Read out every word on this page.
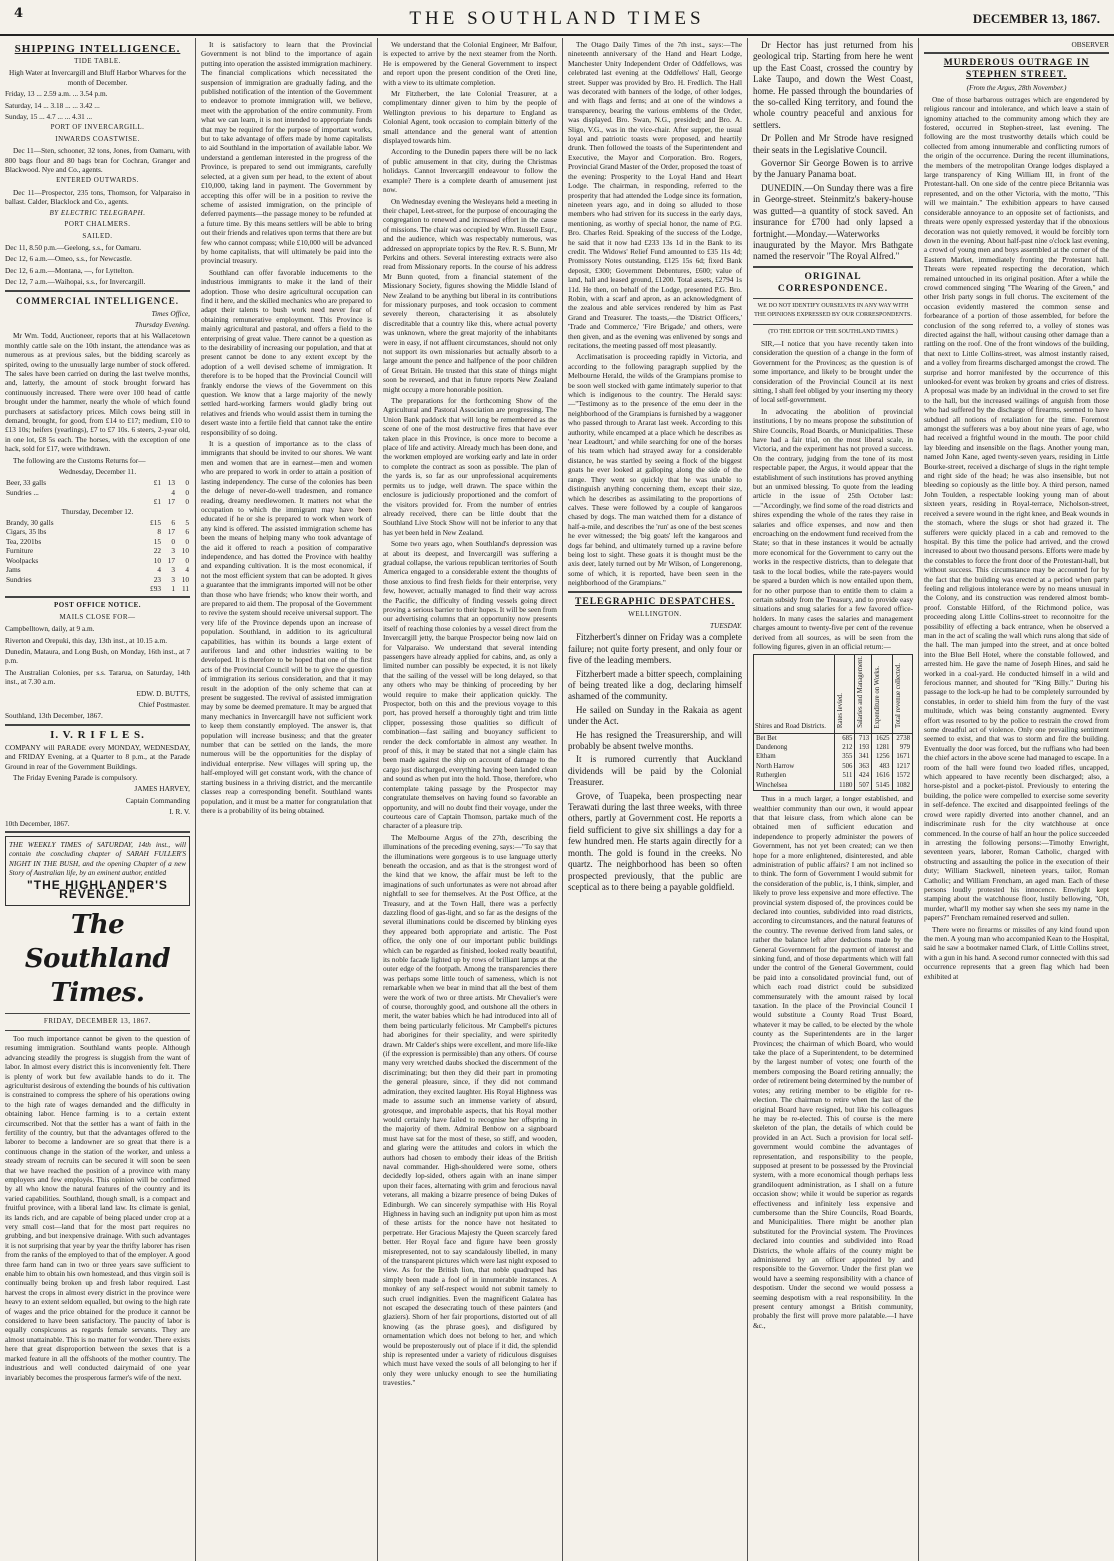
4	THE SOUTHLAND TIMES	DECEMBER 13, 1867.
SHIPPING INTELLIGENCE.
TIDE TABLE.

High Water at Invercargill and Bluff Harbor Wharves for the month of December.

Friday, 13 ... 2.59 a.m. ... 3.54 p.m.

Saturday, 14 ... 3.18 ... ... 3.42 ...

Sunday, 15 ... 4.7 ... ... 4.31 ...

PORT OF INVERCARGILL.
INWARDS COASTWISE.

Dec 11—Sten, schooner, 32 tons, Jones, from Oamaru, with 800 bags flour and 80 bags bran for Cochran, Granger and Blackwood. Nye and Co., agents.

ENTERED OUTWARDS.

Dec 11—Prospector, 235 tons, Thomson, for Valparaiso in ballast. Calder, Blacklock and Co., agents.

BY ELECTRIC TELEGRAPH.
PORT CHALMERS.
SAILED.

Dec 11, 8.50 p.m.—Geelong, s.s., for Oamaru.

Dec 12, 6 a.m.—Omeo, s.s., for Newcastle.

Dec 12, 6 a.m.—Montana, —, for Lyttelton.

Dec 12, 7 a.m.—Waihopai, s.s., for Invercargill.

COMMERCIAL INTELLIGENCE.

Times Office,

Thursday Evening.

Mr Wm. Todd, Auctioneer, reports that at his Wallacetown monthly cattle sale on the 10th instant, the attendance was as numerous as at previous sales, but the bidding scarcely as spirited, owing to the unusually large number of stock offered. The sales have been carried on during the last twelve months, and, latterly, the amount of stock brought forward has continuously increased. There were over 100 head of cattle brought under the hammer, nearly the whole of which found purchasers at satisfactory prices. Milch cows being still in demand, brought, for good, from £14 to £17; medium, £10 to £13 10s; heifers (yearlings), £7 to £7 10s. 6 steers, 2-year old, in one lot, £8 5s each. The horses, with the exception of one hack, sold for £17, were withdrawn.

The following are the Customs Returns for—

Wednesday, December 11.

Beer, 33 galls	£1	13	0
Sundries ...		4	0
	£1	17	0

Thursday, December 12.

Brandy, 30 galls	£15	6	5
Cigars, 35 lbs	8	17	6
Tea, 2201bs	15	0	0
Furniture	22	3	10
Woolpacks	10	17	0
Jams	4	3	4
Sundries	23	3	10
	£93	1	11
POST OFFICE NOTICE.
MAILS CLOSE FOR—

Campbelltown, daily, at 9 a.m.

Riverton and Orepuki, this day, 13th inst., at 10.15 a.m.

Dunedin, Mataura, and Long Bush, on Monday, 16th inst., at 7 p.m.

The Australian Colonies, per s.s. Tararua, on Saturday, 14th inst., at 7.30 a.m.

EDW. D. BUTTS,

Chief Postmaster.

Southland, 13th December, 1867.

I. V. R I F L E S.

COMPANY will PARADE every MONDAY, WEDNESDAY, and FRIDAY Evening, at a Quarter to 8 p.m., at the Parade Ground in rear of the Government Buildings.

The Friday Evening Parade is compulsory.

JAMES HARVEY,

Captain Commanding

I. R. V.

10th December, 1867.

THE WEEKLY TIMES of SATURDAY, 14th inst., will contain the concluding chapter of SARAH FULLER'S NIGHT IN THE BUSH, and the opening Chapter of a new Story of Australian life, by an eminent author, entitled

"THE HIGHLANDER'S REVENGE."
The Southland Times.
FRIDAY, DECEMBER 13, 1867.

Too much importance cannot be given to the question of resuming immigration. Southland wants people. Although advancing steadily the progress is sluggish from the want of labor. In almost every district this is inconveniently felt. There is plenty of work but few available hands to do it. The agriculturist desirous of extending the bounds of his cultivation is constrained to compress the sphere of his operations owing to the high rate of wages demanded and the difficulty in obtaining labor. Hence farming is to a certain extent circumscribed. Not that the settler has a want of faith in the fertility of the country, but that the advantages offered to the laborer to become a landowner are so great that there is a continuous change in the station of the worker, and unless a steady stream of recruits can be secured it will soon be seen that we have reached the position of a province with many employers and few employés. This opinion will be confirmed by all who know the natural features of the country and its varied capabilities. Southland, though small, is a compact and fruitful province, with a liberal land law. Its climate is genial, its lands rich, and are capable of being placed under crop at a very small cost—land that for the most part requires no grubbing, and but inexpensive drainage. With such advantages it is not surprising that year by year the thrifty laborer has risen from the ranks of the employed to that of the employer. A good three farm hand can in two or three years save sufficient to enable him to obtain his own homestead, and thus virgin soil is continually being broken up and fresh labor required. Last harvest the crops in almost every district in the province were heavy to an extent seldom equalled, but owing to the high rate of wages and the price obtained for the produce it cannot be considered to have been satisfactory. The paucity of labor is equally conspicuous as regards female servants. They are almost unattainable. This is no matter for wonder. There exists here that great disproportion between the sexes that is a marked feature in all the offshoots of the mother country. The industrious and well conducted dairymaid of one year invariably becomes the prosperous farmer's wife of the next.

It is satisfactory to learn that the Provincial Government is not blind to the importance of again putting into operation the assisted immigration machinery. The financial complications which necessitated the suspension of immigration are gradually fading, and the published notification of the intention of the Government to endeavor to promote immigration will, we believe, meet with the approbation of the entire community. From what we can learn, it is not intended to appropriate funds that may be required for the purpose of important works, but to take advantage of offers made by home capitalists to aid Southland in the importation of available labor. We understand a gentleman interested in the progress of the Province, is prepared to send out immigrants, carefully selected, at a given sum per head, to the extent of about £10,000, taking land in payment. The Government by accepting this offer will be in a position to revive the scheme of assisted immigration, on the principle of deferred payments—the passage money to be refunded at a future time. By this means settlers will be able to bring out their friends and relatives upon terms that there are but few who cannot compass; while £10,000 will be advanced by home capitalists, that will ultimately be paid into the provincial treasury.

Southland can offer favorable inducements to the industrious immigrants to make it the land of their adoption. Those who desire agricultural occupation can find it here, and the skilled mechanics who are prepared to adapt their talents to bush work need never fear of obtaining remunerative employment. This Province is mainly agricultural and pastoral, and offers a field to the enterprising of great value. There cannot be a question as to the desirability of increasing our population, and that at present cannot be done to any extent except by the adoption of a well devised scheme of immigration. It therefore is to be hoped that the Provincial Council will frankly endorse the views of the Government on this question. We know that a large majority of the newly settled hard-working farmers would gladly bring out relatives and friends who would assist them in turning the desert waste into a fertile field that cannot take the entire responsibility of so doing.

It is a question of importance as to the class of immigrants that should be invited to our shores. We want men and women that are in earnest—men and women who are prepared to work in order to attain a position of lasting independency. The curse of the colonies has been the deluge of never-do-well tradesmen, and romance reading, dreamy needlewomen. It matters not what the occupation to which the immigrant may have been educated if he or she is prepared to work when work of any kind is offered. The assisted immigration scheme has been the means of helping many who took advantage of the aid it offered to reach a position of comparative independence, and has dotted the Province with healthy and expanding cultivation. It is the most economical, if not the most efficient system that can be adopted. It gives a guarantee that the immigrants imported will not be other than those who have friends; who know their worth, and are prepared to aid them. The proposal of the Government to revive the system should receive universal support. The very life of the Province depends upon an increase of population. Southland, in addition to its agricultural capabilities, has within its bounds a large extent of auriferous land and other industries waiting to be developed. It is therefore to be hoped that one of the first acts of the Provincial Council will be to give the question of immigration its serious consideration, and that it may result in the adoption of the only scheme that can at present be suggested. The revival of assisted immigration may by some be deemed premature. It may be argued that many mechanics in Invercargill have not sufficient work to keep them constantly employed. The answer is, that population will increase business; and that the greater number that can be settled on the lands, the more numerous will be the opportunities for the display of individual enterprise. New villages will spring up, the half-employed will get constant work, with the chance of starting business in a thriving district, and the mercantile classes reap a corresponding benefit. Southland wants population, and it must be a matter for congratulation that there is a probability of its being obtained.

We understand that the Colonial Engineer, Mr Balfour, is expected to arrive by the next steamer from the North. He is empowered by the General Government to inspect and report upon the present condition of the Oreti line, with a view to its ultimate completion.

Mr Fitzherbert, the late Colonial Treasurer, at a complimentary dinner given to him by the people of Wellington previous to his departure to England as Colonial Agent, took occasion to complain bitterly of the small attendance and the general want of attention displayed towards him.

According to the Dunedin papers there will be no lack of public amusement in that city, during the Christmas holidays. Cannot Invercargill endeavour to follow the example? There is a complete dearth of amusement just now.

On Wednesday evening the Wesleyans held a meeting in their chapel, Leet-street, for the purpose of encouraging the congregation to renewed and increased effort in the cause of missions. The chair was occupied by Wm. Russell Esqr., and the audience, which was respectably numerous, was addressed on appropriate topics by the Rev. R. S. Bunn, Mr Perkins and others. Several interesting extracts were also read from Missionary reports. In the course of his address Mr Bunn quoted, from a financial statement of the Missionary Society, figures showing the Middle Island of New Zealand to be anything but liberal in its contributions for missionary purposes, and took occasion to comment severely thereon, characterising it as absolutely discreditable that a country like this, where actual poverty was unknown, where the great majority of the inhabitants were in easy, if not affluent circumstances, should not only not support its own missionaries but actually absorb to a large amount the pence and halfpence of the poor children of Great Britain. He trusted that this state of things might soon be reversed, and that in future reports New Zealand might occupy a more honorable position.

The preparations for the forthcoming Show of the Agricultural and Pastoral Association are progressing. The Union Bank paddock that will long be remembered as the scene of one of the most destructive fires that have ever taken place in this Province, is once more to become a place of life and activity. Already much has been done, and the workmen employed are working early and late in order to complete the contract as soon as possible. The plan of the yards is, so far as our unprofessional acquirements permits us to judge, well drawn. The space within the enclosure is judiciously proportioned and the comfort of the visitors provided for. From the number of entries already received, there can be little doubt that the Southland Live Stock Show will not be inferior to any that has yet been held in New Zealand.

Some two years ago, when Southland's depression was at about its deepest, and Invercargill was suffering a gradual collapse, the various republican territories of South America engaged to a considerable extent the thoughts of those anxious to find fresh fields for their enterprise, very few, however, actually managed to find their way across the Pacific, the difficulty of finding vessels going direct proving a serious barrier to their hopes. It will be seen from our advertising columns that an opportunity now presents itself of reaching those colonies by a vessel direct from the Invercargill jetty, the barque Prospector being now laid on for Valparaiso. We understand that several intending passengers have already applied for cabins, and, as only a limited number can possibly be expected, it is not likely that the sailing of the vessel will be long delayed, so that any others who may be thinking of proceeding by her would require to make their application quickly. The Prospector, both on this and the previous voyage to this port, has proved herself a thoroughly tight and trim little clipper, possessing those qualities so difficult of combination—fast sailing and buoyancy sufficient to render the deck comfortable in almost any weather. In proof of this, it may be stated that not a single claim has been made against the ship on account of damage to the cargo just discharged, everything having been landed clean and sound as when put into the hold. Those, therefore, who contemplate taking passage by the Prospector may congratulate themselves on having found so favorable an opportunity, and will no doubt find their voyage, under the courteous care of Captain Thomson, partake much of the character of a pleasure trip.

The Melbourne Argus of the 27th, describing the illuminations of the preceding evening, says:—"To say that the illuminations were gorgeous is to use language utterly beneath the occasion, and as that is the strongest word of the kind that we know, the affair must be left to the imaginations of such unfortunates as were not abroad after nightfall to see for themselves. At the Post Office, at the Treasury, and at the Town Hall, there was a perfectly dazzling flood of gas-light, and so far as the designs of the several illuminations could be discerned by blinking eyes they appeared both appropriate and artistic. The Post office, the only one of our important public buildings which can be regarded as finished, looked really beautiful, its noble facade lighted up by rows of brilliant lamps at the outer edge of the footpath. Among the transparencies there was perhaps some little touch of sameness, which is not remarkable when we bear in mind that all the best of them were the work of two or three artists. Mr Chevalier's were of course, thoroughly good, and outshone all the others in merit, the water babies which he had introduced into all of them being particularly felicitous. Mr Campbell's pictures had aborigines for their speciality, and were spiritedly drawn. Mr Calder's ships were excellent, and more life-like (if the expression is permissible) than any others. Of course many very wretched daubs shocked the discernment of the discriminating; but then they did their part in promoting the general pleasure, since, if they did not command admiration, they excited laughter. His Royal Highness was made to assume such an immense variety of absurd, grotesque, and improbable aspects, that his Royal mother would certainly have failed to recognise her offspring in the majority of them. Admiral Benbow on a signboard must have sat for the most of these, so stiff, and wooden, and glaring were the attitudes and colors in which the authors had chosen to embody their ideas of the British naval commander. High-shouldered were some, others decidedly lop-sided, others again with an inane simper upon their faces, alternating with grim and ferocious naval veterans, all making a bizarre presence of being Dukes of Edinburgh. We can sincerely sympathise with His Royal Highness in having such an indignity put upon him as most of these artists for the nonce have not hesitated to perpetrate. Her Gracious Majesty the Queen scarcely fared better. Her Royal face and figure have been grossly misrepresented, not to say scandalously libelled, in many of the transparent pictures which were last night exposed to view. As for the British lion, that noble quadruped has simply been made a fool of in innumerable instances. A monkey of any self-respect would not submit tamely to such cruel indignities. Even the magnificent Galatea has not escaped the desecrating touch of these painters (and glaziers). Shorn of her fair proportions, distorted out of all knowing (as the phrase goes), and disfigured by ornamentation which does not belong to her, and which would be preposterously out of place if it did, the splendid ship is represented under a variety of ridiculous disguises which must have vexed the souls of all belonging to her if only they were unlucky enough to see the humiliating travesties."

The Otago Daily Times of the 7th inst., says:—The nineteenth anniversary of the Hand and Heart Lodge, Manchester Unity Independent Order of Oddfellows, was celebrated last evening at the Oddfellows' Hall, George street. Supper was provided by Bro. H. Fredlich. The Hall was decorated with banners of the lodge, of other lodges, and with flags and ferns; and at one of the windows a transparency, bearing the various emblems of the Order, was displayed. Bro. Swan, N.G., presided; and Bro. A. Sligo, V.G., was in the vice-chair. After supper, the usual loyal and patriotic toasts were proposed, and heartily drunk. Then followed the toasts of the Superintendent and Executive, the Mayor and Corporation. Bro. Rogers, Provincial Grand Master of the Order, proposed the toast of the evening: Prosperity to the Loyal Hand and Heart Lodge. The chairman, in responding, referred to the prosperity that had attended the Lodge since its formation, nineteen years ago, and in doing so alluded to those members who had striven for its success in the early days, mentioning, as worthy of special honor, the name of P.G. Bro. Charles Reid. Speaking of the success of the Lodge, he said that it now had £233 13s 1d in the Bank to its credit. The Widows' Relief Fund amounted to £35 11s 4d; Promissory Notes outstanding, £125 15s 6d; fixed Bank deposit, £300; Government Debentures, £600; value of land, hall and leased ground, £1200. Total assets, £2794 1s 11d. He then, on behalf of the Lodge, presented P.G. Bro. Robin, with a scarf and apron, as an acknowledgment of the zealous and able services rendered by him as Past Grand and Treasurer. The toasts,—the 'District Officers,' 'Trade and Commerce,' 'Fire Brigade,' and others, were then given, and as the evening was enlivened by songs and recitations, the meeting passed off most pleasantly.

Acclimatisation is proceeding rapidly in Victoria, and according to the following paragraph supplied by the Melbourne Herald, the wilds of the Grampians promise to be soon well stocked with game intimately superior to that which is indigenous to the country. The Herald says:—"Testimony as to the presence of the emu deer in the neighborhood of the Grampians is furnished by a waggoner who passed through to Ararat last week. According to this authority, while encamped at a place which he describes as 'near Leadtourt,' and while searching for one of the horses of his team which had strayed away for a considerable distance, he was startled by seeing a flock of the biggest goats he ever looked at galloping along the side of the range. They went so quickly that he was unable to distinguish anything concerning them, except their size, which he describes as assimilating to the proportions of calves. These were followed by a couple of kangaroos chased by dogs. The man watched them for a distance of half-a-mile, and describes the 'run' as one of the best scenes he ever witnessed; the 'big goats' left the kangaroos and dogs far behind, and ultimately turned up a ravine before being lost to sight. These goats it is thought must be the axis deer, lately turned out by Mr Wilson, of Longerenong, some of which, it is reported, have been seen in the neighborhood of the Grampians."

TELEGRAPHIC DESPATCHES.
WELLINGTON.

TUESDAY.

Fitzherbert's dinner on Friday was a complete failure; not quite forty present, and only four or five of the leading members.

Fitzherbert made a bitter speech, complaining of being treated like a dog, declaring himself ashamed of the community.

He sailed on Sunday in the Rakaia as agent under the Act.

He has resigned the Treasurership, and will probably be absent twelve months.

It is rumored currently that Auckland dividends will be paid by the Colonial Treasurer.

Grove, of Tuapeka, been prospecting near Terawati during the last three weeks, with three others, partly at Government cost. He reports a field sufficient to give six shillings a day for a few hundred men. He starts again directly for a month. The gold is found in the creeks. No quartz. The neighborhood has been so often prospected previously, that the public are sceptical as to there being a payable goldfield.

Dr Hector has just returned from his geological trip. Starting from here he went up the East Coast, crossed the country by Lake Taupo, and down the West Coast, home. He passed through the boundaries of the so-called King territory, and found the whole country peaceful and anxious for settlers.

Dr Pollen and Mr Strode have resigned their seats in the Legislative Council.

Governor Sir George Bowen is to arrive by the January Panama boat.

DUNEDIN.—On Sunday there was a fire in George-street. Steinmitz's bakery-house was gutted—a quantity of stock saved. An insurance for £700 had only lapsed a fortnight.—Monday.—Waterworks inaugurated by the Mayor. Mrs Bathgate named the reservoir "The Royal Alfred."

ORIGINAL CORRESPONDENCE.

WE DO NOT IDENTIFY OURSELVES IN ANY WAY WITH THE OPINIONS EXPRESSED BY OUR CORRESPONDENTS.

(TO THE EDITOR OF THE SOUTHLAND TIMES.)

SIR,—I notice that you have recently taken into consideration the question of a change in the form of Government for the Provinces; as the question is of some importance, and likely to be brought under the consideration of the Provincial Council at its next sitting, I shall feel obliged by your inserting my theory of local self-government.

In advocating the abolition of provincial institutions, I by no means propose the substitution of Shire Councils, Road Boards, or Municipalities. These have had a fair trial, on the most liberal scale, in Victoria, and the experiment has not proved a success. On the contrary, judging from the tone of its most respectable paper, the Argus, it would appear that the establishment of such institutions has proved anything but an unmixed blessing. To quote from the leading article in the issue of 25th October last:—"Accordingly, we find some of the road districts and shires expending the whole of the rates they raise in salaries and office expenses, and now and then encroaching on the endowment fund received from the State; so that in these instances it would be actually more economical for the Government to carry out the works in the respective districts, than to delegate that task to the local bodies, while the rate-payers would be spared a burden which is now entailed upon them, for no other purpose than to entitle them to claim a certain subsidy from the Treasury, and to provide easy situations and snug salaries for a few favored office-holders. In many cases the salaries and management charges amount to twenty-five per cent of the revenue derived from all sources, as will be seen from the following figures, given in an official return:—

Shires and Road Districts.	Rates levied.	Salaries and Management.	Expenditure on Works.	Total revenue collected.
Bet Bet	685	713	1625	2738
Dandenong	212	193	1281	979
Eltham	355	341	1256	1671
North Harrow	506	363	483	1217
Rutherglen	511	424	1616	1572
Winchelsea	1180	507	5145	1082

Thus in a much larger, a longer established, and wealthier community than our own, it would appear that that leisure class, from which alone can be obtained men of sufficient education and independence to properly administer the powers of Government, has not yet been created; can we then hope for a more enlightened, disinterested, and able administration of public affairs? I am not inclined so to think. The form of Government I would submit for the consideration of the public, is, I think, simpler, and likely to prove less expensive and more effective. The provincial system disposed of, the provinces could be declared into counties, subdivided into road districts, according to circumstances, and the natural features of the country. The revenue derived from land sales, or rather the balance left after deductions made by the General Government for the payment of interest and sinking fund, and of those departments which will fall under the control of the General Government, could be paid into a consolidated provincial fund, out of which each road district could be subsidized commensurately with the amount raised by local taxation. In the place of the Provincial Council I would substitute a County Road Trust Board, whatever it may be called, to be elected by the whole county as the Superintendents are in the larger Provinces; the chairman of which Board, who would take the place of a Superintendent, to be determined by the largest number of votes; one fourth of the members composing the Board retiring annually; the order of retirement being determined by the number of votes; any retiring member to be eligible for re-election. The chairman to retire when the last of the original Board have resigned, but like his colleagues he may be re-elected. This of course is the mere skeleton of the plan, the details of which could be provided in an Act. Such a provision for local self-government would combine the advantages of representation, and responsibility to the people, supposed at present to be possessed by the Provincial system, with a more economical though perhaps less grandiloquent administration, as I shall on a future occasion show; while it would be superior as regards effectiveness and infinitely less expensive and cumbersome than the Shire Councils, Road Boards, and Municipalities. There might be another plan substituted for the Provincial system. The Provinces declared into counties and subdivided into Road Districts, the whole affairs of the county might be administered by an officer appointed by and responsible to the Governor. Under the first plan we would have a seeming responsibility with a chance of despotism. Under the second we would possess a seeming despotism with a real responsibility. In the present century amongst a British community, probably the first will prove more palatable.—I have &c.,

OBSERVER

MURDEROUS OUTRAGE IN STEPHEN STREET.

(From the Argus, 28th November.)

One of those barbarous outrages which are engendered by religious rancour and intolerance, and which leave a stain of ignominy attached to the community among which they are fostered, occurred in Stephen-street, last evening. The following are the most trustworthy details which could be collected from among innumerable and conflicting rumors of the origin of the occurrence. During the recent illuminations, the members of the metropolitan Orange lodges displayed a large transparency of King William III, in front of the Protestant-hall. On one side of the centre piece Britannia was represented, and on the other Victoria, with the motto, "This will we maintain." The exhibition appears to have caused considerable annoyance to an opposite set of factionists, and threats were openly expressed yesterday that if the obnoxious decoration was not quietly removed, it would be forcibly torn down in the evening. About half-past nine o'clock last evening, a crowd of young men and boys assembled at the corner of the Eastern Market, immediately fronting the Protestant hall. Threats were repeated respecting the decoration, which remained untouched in its original position. After a while the crowd commenced singing "The Wearing of the Green," and other Irish party songs in full chorus. The excitement of the occasion evidently mastered the common sense and forbearance of a portion of those assembled, for before the conclusion of the song referred to, a volley of stones was directed against the hall, without causing other damage than a rattling on the roof. One of the front windows of the building, that next to Little Collins-street, was almost instantly raised, and a volley from firearms discharged amongst the crowd. The surprise and horror manifested by the occurrence of this unlooked-for event was broken by groans and cries of distress. A proposal was made by an individual in the crowd to set fire to the hall, but the increased wailings of anguish from those who had suffered by the discharge of firearms, seemed to have subdued all notions of retaliation for the time. Foremost amongst the sufferers was a boy about nine years of age, who had received a frightful wound in the mouth. The poor child lay bleeding and insensible on the flags. Another young man, named John Kane, aged twenty-seven years, residing in Little Bourke-street, received a discharge of slugs in the right temple and right side of the head; he was also insensible, but not bleeding so copiously as the little boy. A third person, named John Toulden, a respectable looking young man of about sixteen years, residing in Royal-terrace, Nicholson-street, received a severe wound in the right knee, and Beak wounds in the stomach, where the slugs or shot had grazed it. The sufferers were quickly placed in a cab and removed to the hospital. By this time the police had arrived, and the crowd increased to about two thousand persons. Efforts were made by the constables to force the front door of the Protestant-hall, but without success. This circumstance may be accounted for by the fact that the building was erected at a period when party feeling and religious intolerance were by no means unusual in the Colony, and its construction was rendered almost bomb-proof. Constable Hilford, of the Richmond police, was proceeding along Little Collins-street to reconnoitre for the possibility of effecting a back entrance, when he observed a man in the act of scaling the wall which runs along that side of the hall. The man jumped into the street, and at once bolted into the Blue Bell Hotel, where the constable followed, and arrested him. He gave the name of Joseph Hines, and said he worked in a coal-yard. He conducted himself in a wild and ferocious manner, and shouted for "King Billy." During his passage to the lock-up he had to be completely surrounded by constables, in order to shield him from the fury of the vast multitude, which was being constantly augmented. Every effort was resorted to by the police to restrain the crowd from some dreadful act of violence. Only one prevailing sentiment seemed to exist, and that was to storm and fire the building. Eventually the door was forced, but the ruffians who had been the chief actors in the above scene had managed to escape. In a room of the hall were found two loaded rifles, uncapped, which appeared to have recently been discharged; also, a horse-pistol and a pocket-pistol. Previously to entering the building, the police were compelled to exercise some severity in self-defence. The excited and disappointed feelings of the crowd were rapidly diverted into another channel, and an indiscriminate rush for the city watchhouse at once commenced. In the course of half an hour the police succeeded in arresting the following persons:—Timothy Enwright, seventeen years, laborer, Roman Catholic, charged with obstructing and assaulting the police in the execution of their duty; William Stackwell, nineteen years, tailor, Roman Catholic; and William Frencham, an aged man. Each of these persons loudly protested his innocence. Enwright kept stamping about the watchhouse floor, lustily bellowing, "Oh, murder, what'll my mother say when she sees my name in the papers?" Frencham remained reserved and sullen.

There were no firearms or missiles of any kind found upon the men. A young man who accompanied Kean to the Hospital, said he saw a bootmaker named Clark, of Little Collins street, with a gun in his hand. A second rumor connected with this sad occurrence represents that a green flag which had been exhibited at
